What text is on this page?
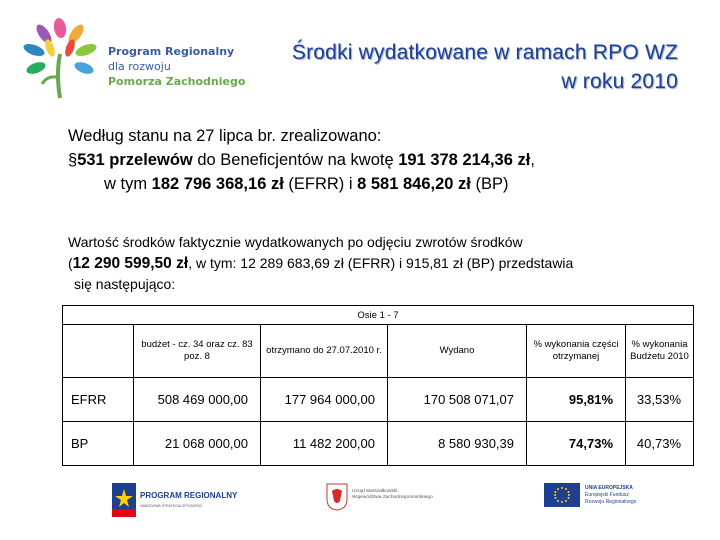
Program Regionalny
dla rozwoju
Pomorza Zachodniego
Środki wydatkowane w ramach RPO WZ
w roku 2010
Według stanu na 27 lipca br. zrealizowano:
§531 przelewów do Beneficjentów na kwotę 191 378 214,36 zł,
w tym 182 796 368,16 zł (EFRR) i 8 581 846,20 zł (BP)
Wartość środków faktycznie wydatkowanych po odjęciu zwrotów środków
(12 290 599,50 zł, w tym: 12 289 683,69 zł (EFRR) i 915,81 zł (BP) przedstawia
się następująco:
Osie 1 - 7					
	budżet - cz. 34 oraz cz. 83 poz. 8	otrzymano do 27.07.2010 r.	Wydano	% wykonania części otrzymanej	% wykonania Budżetu 2010
EFRR	508 469 000,00	177 964 000,00	170 508 071,07	95,81%	33,53%
BP	21 068 000,00	11 482 200,00	8 580 930,39	74,73%	40,73%
PROGRAM REGIONALNY
NARODOWA STRATEGIA SPÓJNOŚCI
Urząd Marszałkowski
Województwa Zachodniopomorskiego
UNIA EUROPEJSKA
Europejski Fundusz
Rozwoju Regionalnego
